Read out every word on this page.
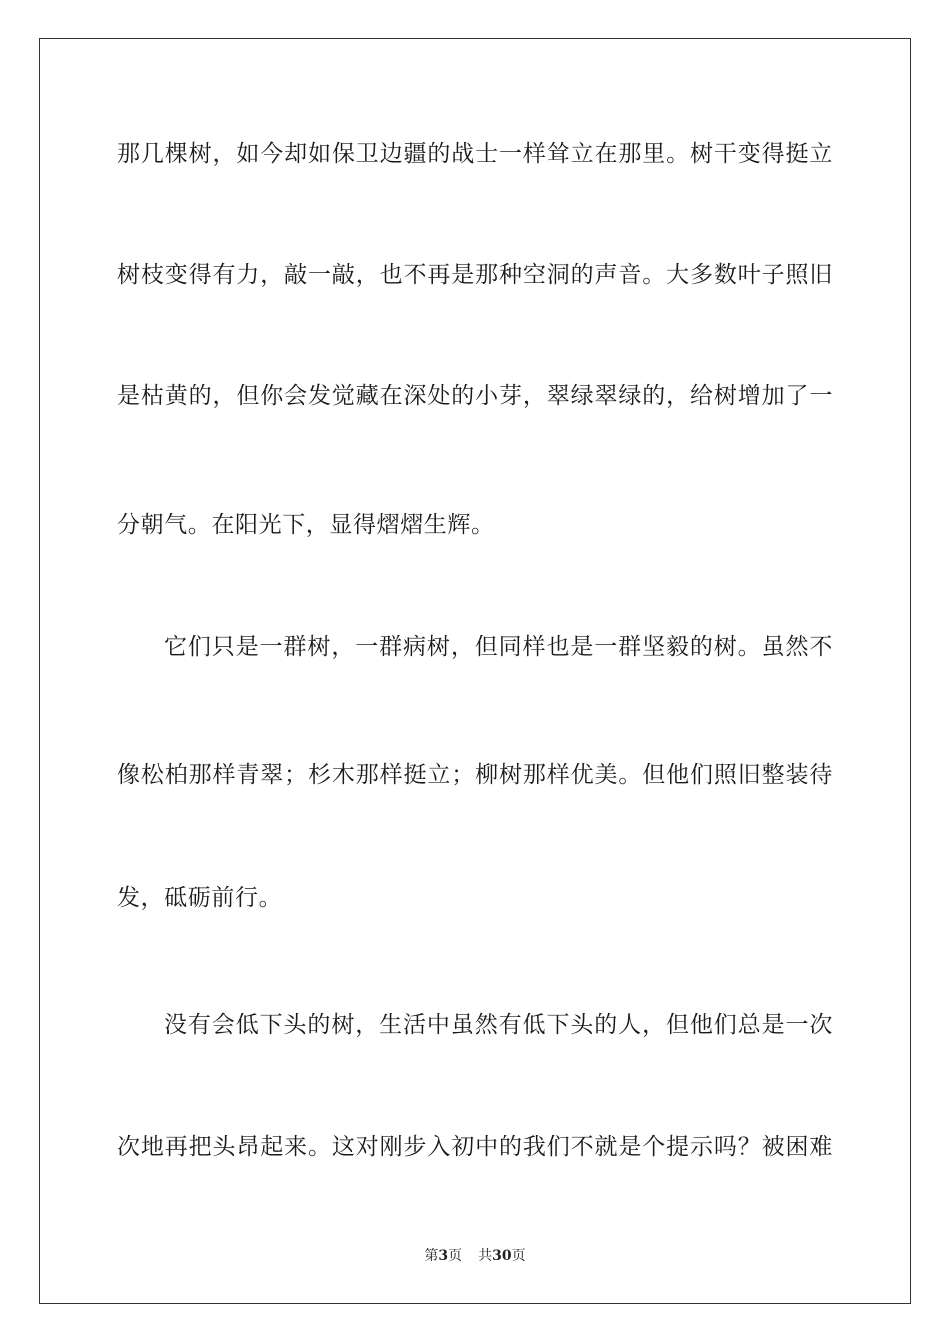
那几棵树，如今却如保卫边疆的战士一样耸立在那里。树干变得挺立
树枝变得有力，敲一敲，也不再是那种空洞的声音。大多数叶子照旧
是枯黄的，但你会发觉藏在深处的小芽，翠绿翠绿的，给树增加了一
分朝气。在阳光下，显得熠熠生辉。
它们只是一群树，一群病树，但同样也是一群坚毅的树。虽然不
像松柏那样青翠；杉木那样挺立；柳树那样优美。但他们照旧整装待
发，砥砺前行。
没有会低下头的树，生活中虽然有低下头的人，但他们总是一次
次地再把头昂起来。这对刚步入初中的我们不就是个提示吗？被困难
第3页 共30页
